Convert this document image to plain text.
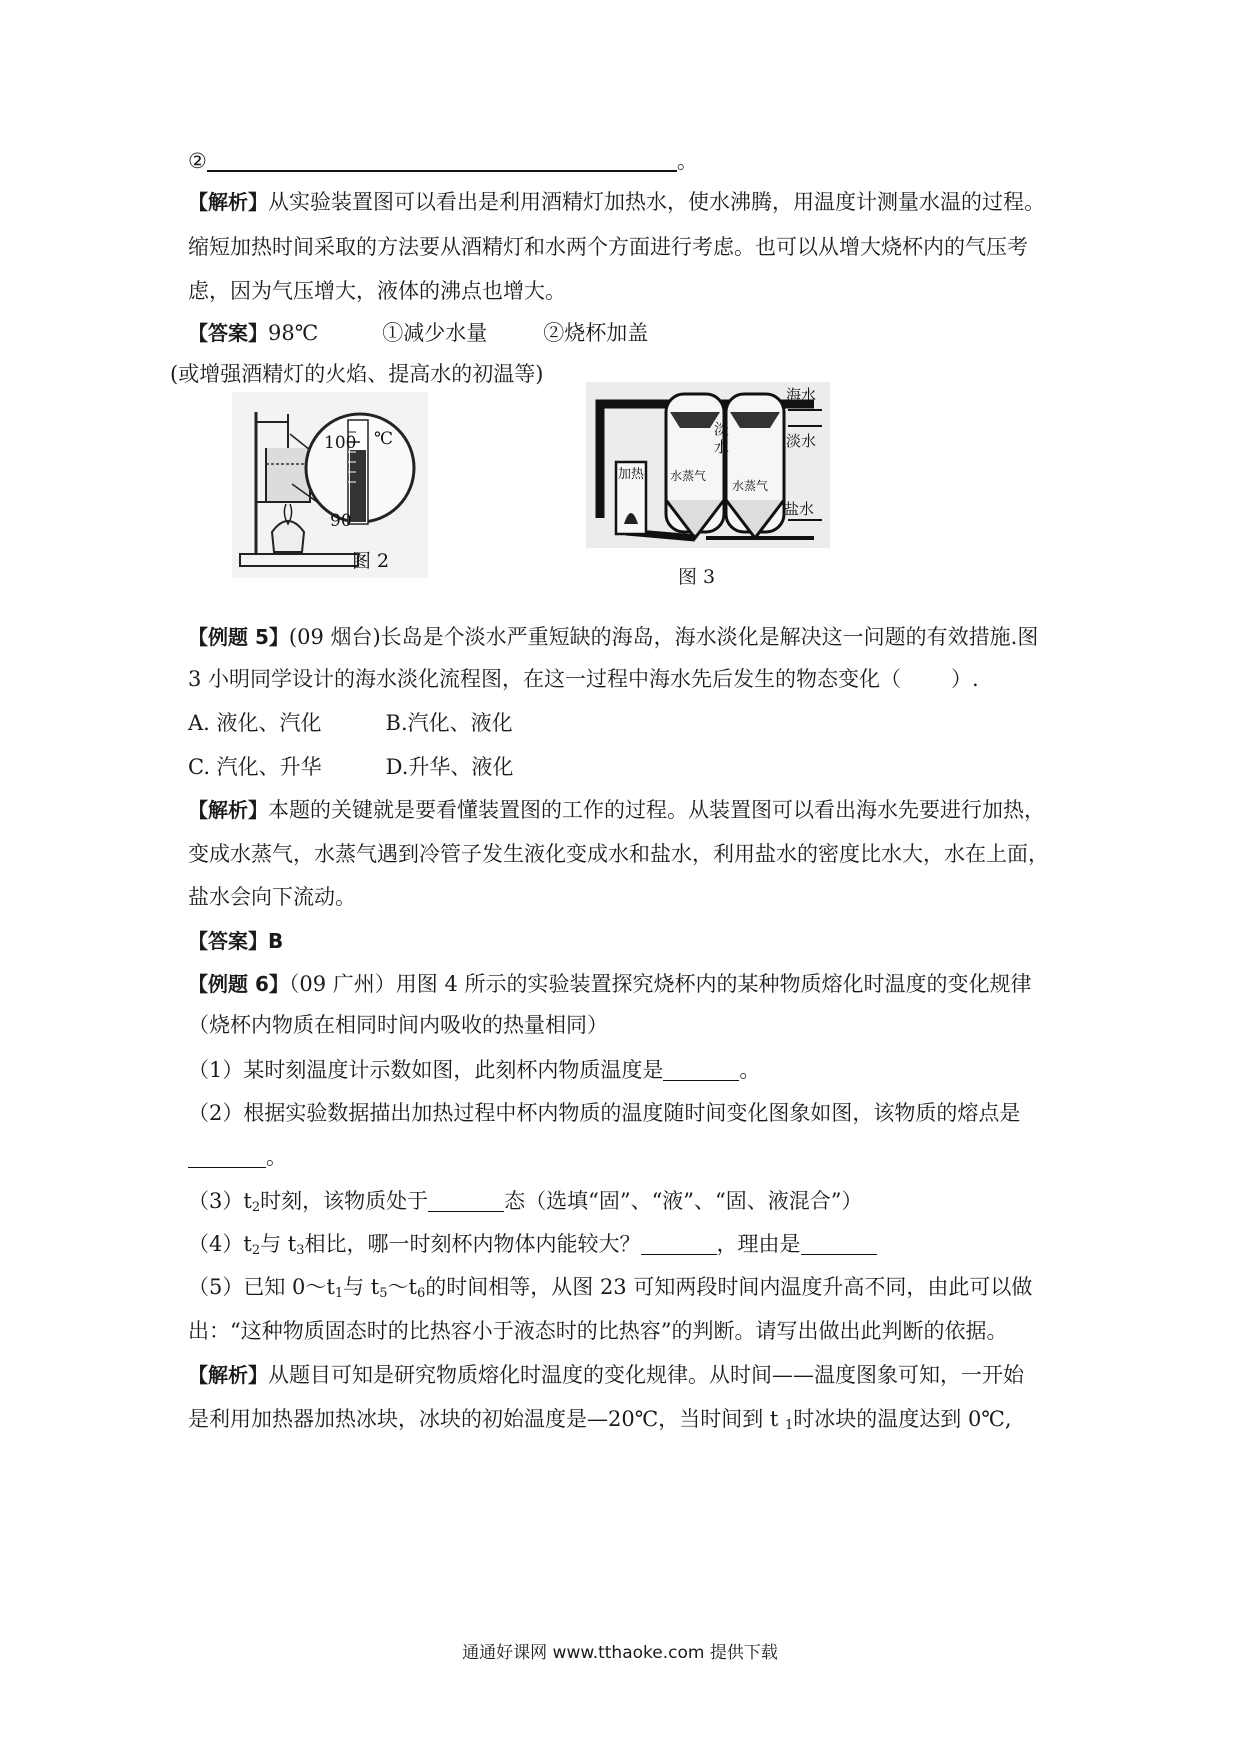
②	。
【解析】从实验装置图可以看出是利用酒精灯加热水，使水沸腾，用温度计测量水温的过程。
缩短加热时间采取的方法要从酒精灯和水两个方面进行考虑。也可以从增大烧杯内的气压考
虑，因为气压增大，液体的沸点也增大。
【答案】98℃	①减少水量	②烧杯加盖
(或增强酒精灯的火焰、提高水的初温等)
100 ℃
90
图 2
海水
淡水
淡
水
加热 水蒸气
水蒸气
盐水
图 3
【例题 5】(09 烟台)长岛是个淡水严重短缺的海岛，海水淡化是解决这一问题的有效措施.图
3 小明同学设计的海水淡化流程图，在这一过程中海水先后发生的物态变化（ ）.
A. 液化、汽化	B.汽化、液化
C. 汽化、升华	D.升华、液化
【解析】本题的关键就是要看懂装置图的工作的过程。从装置图可以看出海水先要进行加热，
变成水蒸气，水蒸气遇到冷管子发生液化变成水和盐水，利用盐水的密度比水大，水在上面，
盐水会向下流动。
【答案】B
【例题 6】（09 广州）用图 4 所示的实验装置探究烧杯内的某种物质熔化时温度的变化规律
（烧杯内物质在相同时间内吸收的热量相同）
（1）某时刻温度计示数如图，此刻杯内物质温度是	。
（2）根据实验数据描出加热过程中杯内物质的温度随时间变化图象如图，该物质的熔点是
。
$(3)t_2$时刻，该物质处于	态（选填“固”、“液”、“固、液混合”）
$(4)t_2$与 $t_3$相比，哪一时刻杯内物体内能较大？	，理由是
（5）已知 $0\sim t_1$与 $t_5\sim t_6$的时间相等，从图 23 可知两段时间内温度升高不同，由此可以做
出：“这种物质固态时的比热容小于液态时的比热容”的判断。请写出做出此判断的依据。
【解析】从题目可知是研究物质熔化时温度的变化规律。从时间——温度图象可知，一开始
是利用加热器加热冰块，冰块的初始温度是—20℃，当时间到 t $_1$时冰块的温度达到 0℃,
通通好课网 www.tthaoke.com 提供下载
